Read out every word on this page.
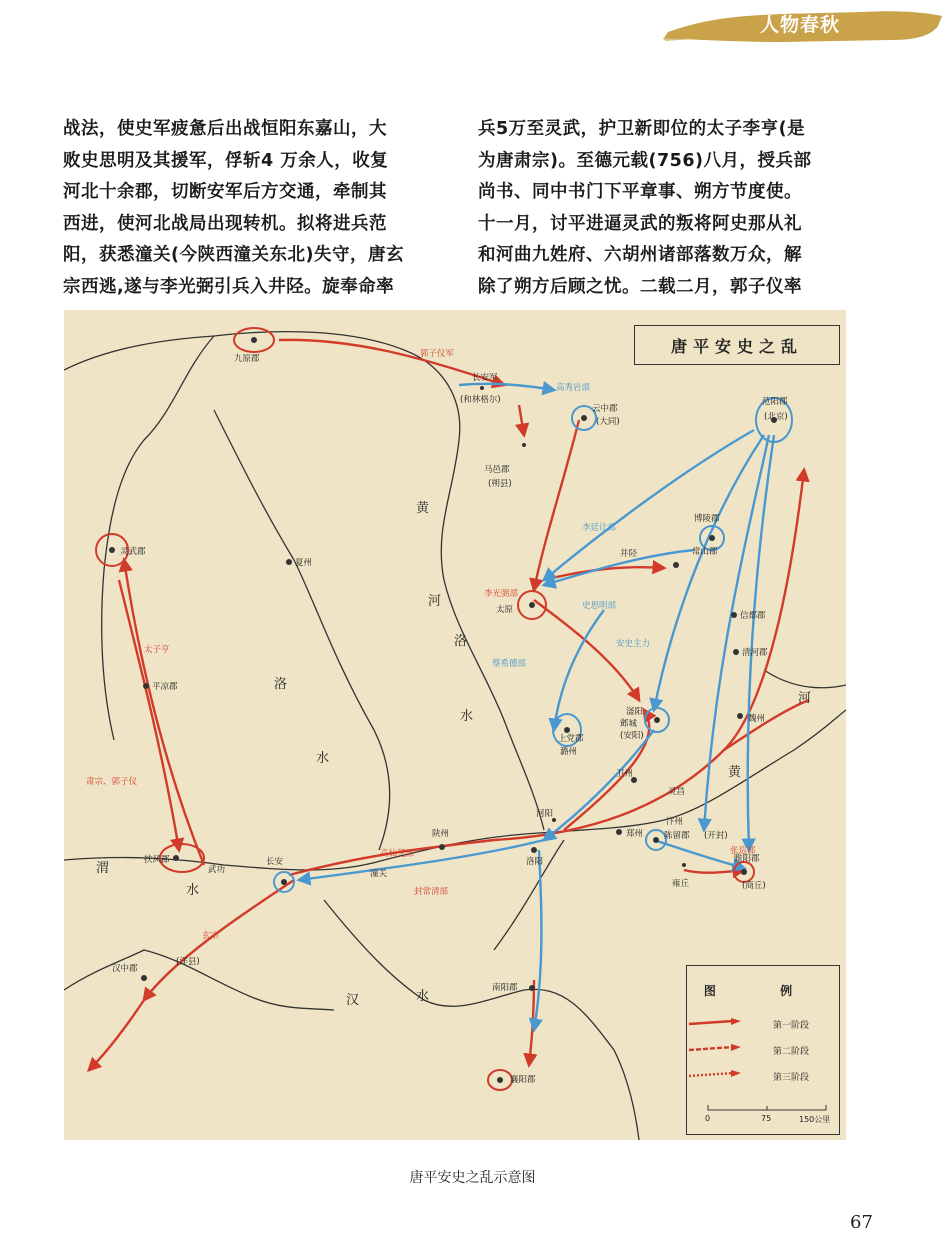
人物春秋

战法，使史军疲惫后出战恒阳东嘉山，大

败史思明及其援军，俘斩4 万余人，收复

河北十余郡，切断安军后方交通，牵制其

西进，使河北战局出现转机。拟将进兵范

阳，获悉潼关(今陕西潼关东北)失守，唐玄

宗西逃,遂与李光弼引兵入井陉。旋奉命率

兵5万至灵武，护卫新即位的太子李亨(是

为唐肃宗)。至德元载(756)八月，授兵部

尚书、同中书门下平章事、朔方节度使。

十一月，讨平进逼灵武的叛将阿史那从礼

和河曲九姓府、六胡州诸部落数万众，解

除了朔方后顾之忧。二载二月，郭子仪率

唐平安史之乱
九原郡
长安军
(和林格尔)
云中郡
(大同)
马邑郡
(朔县)
范阳郡
(北京)
灵武郡
夏州
博陵郡
常山郡
井陉
太原
信都郡
清河郡
平凉郡
上党郡
潞州
滏阳
邺城
(安阳)
魏州
卫州
灵昌
河阳
陕州
洛阳
郑州
汴州
陈留郡 (开封)
睢阳郡
(商丘)
雍丘
扶风郡
武功
长安
潼关
汉中郡
(洋县)
南阳郡
襄阳郡
黄
河
洛
水
洛
水
渭
水
汉	水
河
黄
郭子仪军
高秀岩部
李廷让部
李光弼部
史思明部
安史主力
蔡希德部
太子亨
肃宗、郭子仪
玄宗
高仙芝部
封常清部
张巡部
图 例
第一阶段
第二阶段
第三阶段
0	75	150公里
唐平安史之乱示意图
67
